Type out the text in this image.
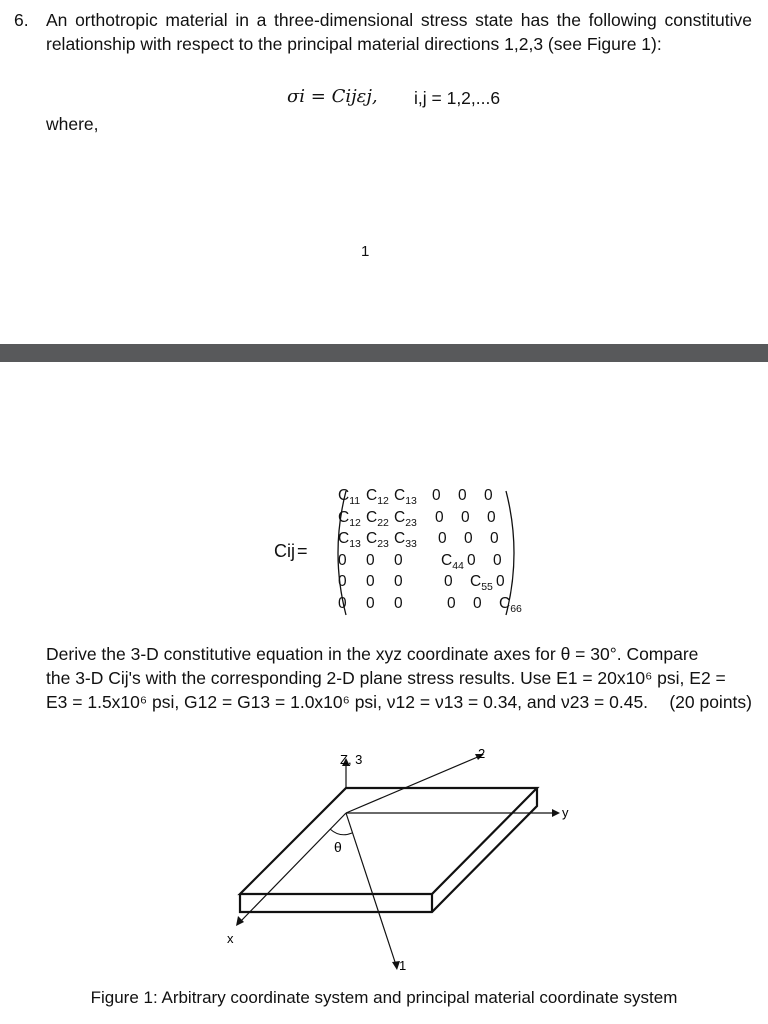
6. An orthotropic material in a three-dimensional stress state has the following constitutive relationship with respect to the principal material directions 1,2,3 (see Figure 1):
σi = Cijεj, i,j = 1,2,...6
where,
1
Cij =
$C_{11}$ $C_{12}$ $C_{13}$ 0 0 0
$C_{12}$ $C_{22}$ $C_{23}$ 0 0 0
$C_{13}$ $C_{23}$ $C_{33}$ 0 0 0
0 0 0 $C_{44}$ 0 0
0 0 0	0 $C_{55}$ 0
0 0 0	0 0 $C_{66}$
Derive the 3-D constitutive equation in the xyz coordinate axes for θ = 30°. Compare
the 3-D Cij's with the corresponding 2-D plane stress results. Use E1 = 20x10⁶ psi, E2 =
E3 = 1.5x10⁶ psi, G12 = G13 = 1.0x10⁶ psi, ν12 = ν13 = 0.34, and ν23 = 0.45. (20 points)
Z, 3	2
y
x
1
θ
Figure 1: Arbitrary coordinate system and principal material coordinate system
